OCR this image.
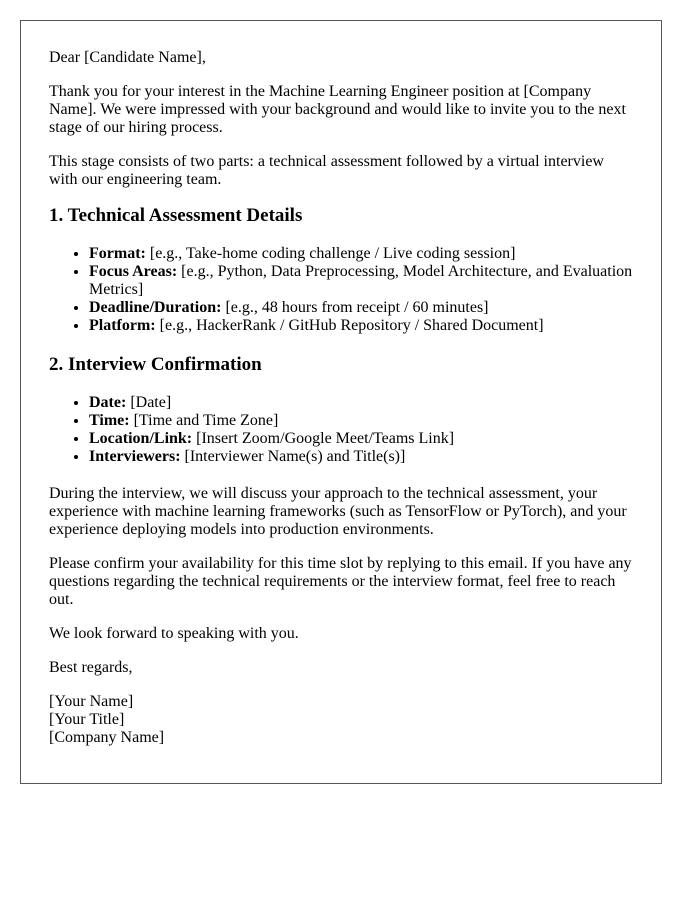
Dear [Candidate Name],

Thank you for your interest in the Machine Learning Engineer position at [Company Name]. We were impressed with your background and would like to invite you to the next stage of our hiring process.

This stage consists of two parts: a technical assessment followed by a virtual interview with our engineering team.

1. Technical Assessment Details
• Format: [e.g., Take-home coding challenge / Live coding session]
• Focus Areas: [e.g., Python, Data Preprocessing, Model Architecture, and Evaluation Metrics]
• Deadline/Duration: [e.g., 48 hours from receipt / 60 minutes]
• Platform: [e.g., HackerRank / GitHub Repository / Shared Document]
2. Interview Confirmation
• Date: [Date]
• Time: [Time and Time Zone]
• Location/Link: [Insert Zoom/Google Meet/Teams Link]
• Interviewers: [Interviewer Name(s) and Title(s)]

During the interview, we will discuss your approach to the technical assessment, your experience with machine learning frameworks (such as TensorFlow or PyTorch), and your experience deploying models into production environments.

Please confirm your availability for this time slot by replying to this email. If you have any questions regarding the technical requirements or the interview format, feel free to reach out.

We look forward to speaking with you.

Best regards,

[Your Name]

[Your Title]

[Company Name]
